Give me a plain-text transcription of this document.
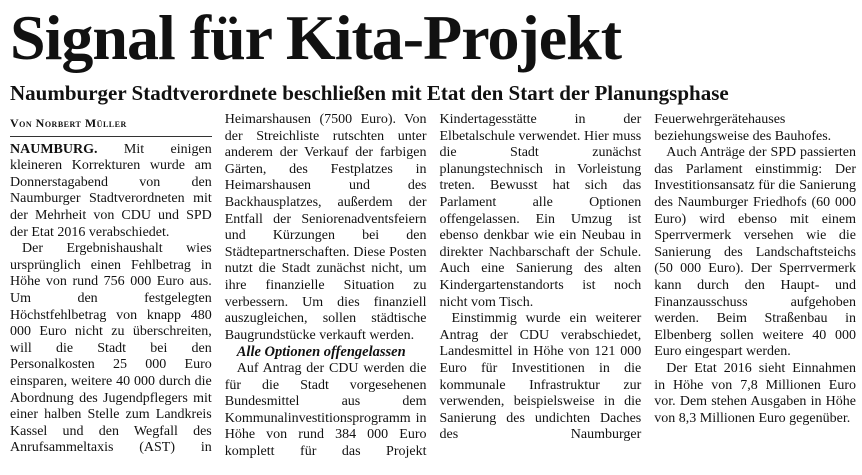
Signal für Kita-Projekt
Naumburger Stadtverordnete beschließen mit Etat den Start der Planungsphase
Von Norbert Müller

NAUMBURG. Mit einigen kleineren Korrekturen wurde am Donnerstagabend von den Naumburger Stadtverordneten mit der Mehrheit von CDU und SPD der Etat 2016 verabschiedet.

Der Ergebnishaushalt wies ursprünglich einen Fehlbetrag in Höhe von rund 756 000 Euro aus. Um den festgelegten Höchstfehlbetrag von knapp 480 000 Euro nicht zu überschreiten, will die Stadt bei den Personalkosten 25 000 Euro einsparen, weitere 40 000 durch die Abordnung des Jugendpflegers mit einer halben Stelle zum Landkreis Kassel und den Wegfall des Anrufsammeltaxis (AST) in Heimarshausen (7500 Euro). Von der Streichliste rutschten unter anderem der Verkauf der farbigen Gärten, des Festplatzes in Heimarshausen und des Backhausplatzes, außerdem der Entfall der Seniorenadventsfeiern und Kürzungen bei den Städtepartnerschaften. Diese Posten nutzt die Stadt zunächst nicht, um ihre finanzielle Situation zu verbessern. Um dies finanziell auszugleichen, sollen städtische Baugrundstücke verkauft werden.

Alle Optionen offengelassen

Auf Antrag der CDU werden die für die Stadt vorgesehenen Bundesmittel aus dem Kommunalinvestitionsprogramm in Höhe von rund 384 000 Euro komplett für das Projekt Kindertagesstätte in der Elbetalschule verwendet. Hier muss die Stadt zunächst planungstechnisch in Vorleistung treten. Bewusst hat sich das Parlament alle Optionen offengelassen. Ein Umzug ist ebenso denkbar wie ein Neubau in direkter Nachbarschaft der Schule. Auch eine Sanierung des alten Kindergartenstandorts ist noch nicht vom Tisch.

Einstimmig wurde ein weiterer Antrag der CDU verabschiedet, Landesmittel in Höhe von 121 000 Euro für Investitionen in die kommunale Infrastruktur zur verwenden, beispielsweise in die Sanierung des undichten Daches des Naumburger Feuerwehrgerätehauses beziehungsweise des Bauhofes.

Auch Anträge der SPD passierten das Parlament einstimmig: Der Investitionsansatz für die Sanierung des Naumburger Friedhofs (60 000 Euro) wird ebenso mit einem Sperrvermerk versehen wie die Sanierung des Landschaftsteichs (50 000 Euro). Der Sperrvermerk kann durch den Haupt- und Finanzausschuss aufgehoben werden. Beim Straßenbau in Elbenberg sollen weitere 40 000 Euro eingespart werden.

Der Etat 2016 sieht Einnahmen in Höhe von 7,8 Millionen Euro vor. Dem stehen Ausgaben in Höhe von 8,3 Millionen Euro gegenüber.
